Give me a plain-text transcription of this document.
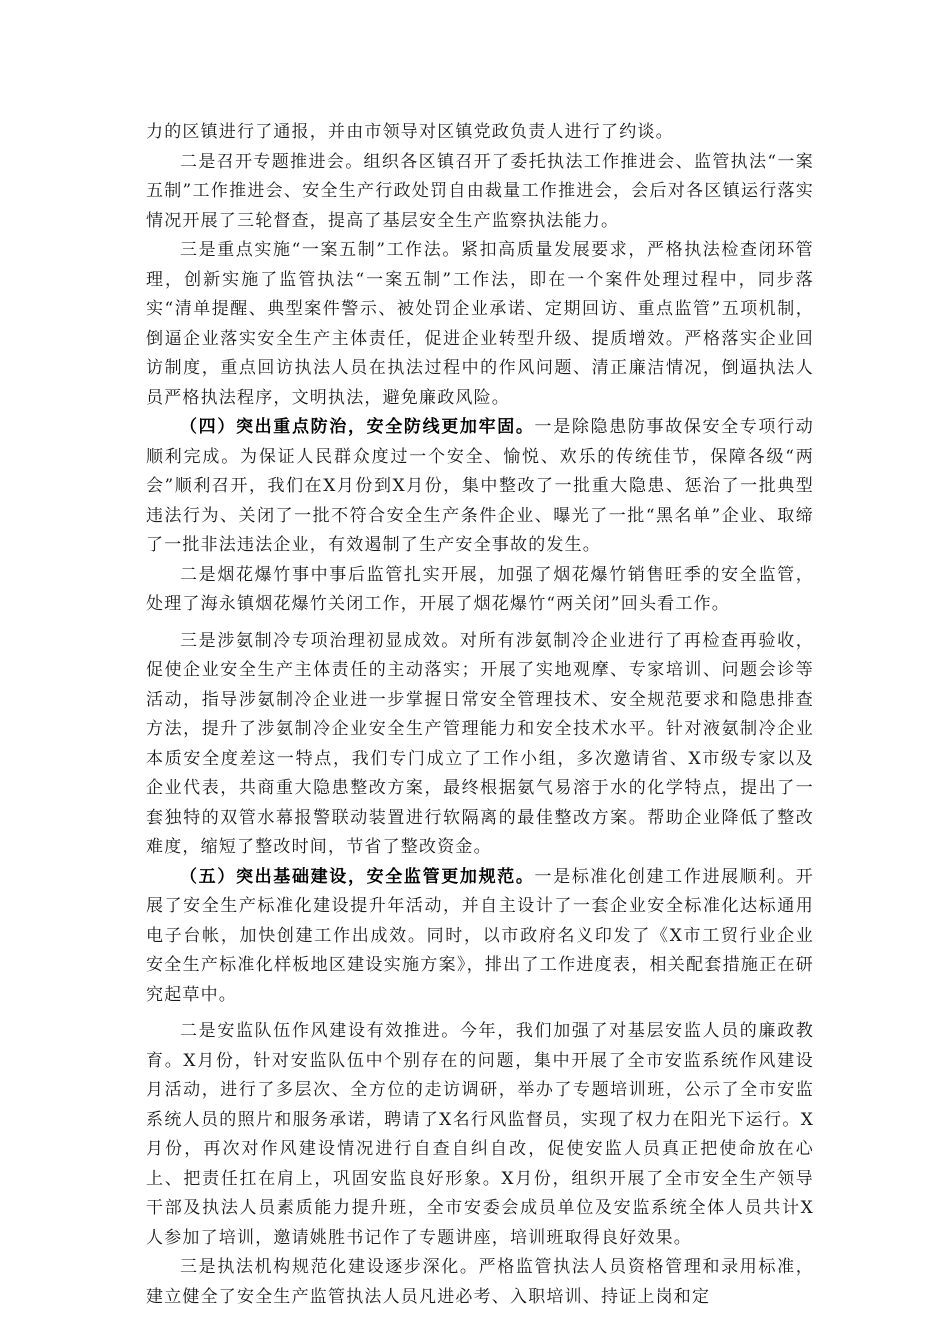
力的区镇进行了通报，并由市领导对区镇党政负责人进行了约谈。

二是召开专题推进会。组织各区镇召开了委托执法工作推进会、监管执法“一案五制”工作推进会、安全生产行政处罚自由裁量工作推进会，会后对各区镇运行落实情况开展了三轮督查，提高了基层安全生产监察执法能力。

三是重点实施“一案五制”工作法。紧扣高质量发展要求，严格执法检查闭环管理，创新实施了监管执法“一案五制”工作法，即在一个案件处理过程中，同步落实“清单提醒、典型案件警示、被处罚企业承诺、定期回访、重点监管”五项机制，倒逼企业落实安全生产主体责任，促进企业转型升级、提质增效。严格落实企业回访制度，重点回访执法人员在执法过程中的作风问题、清正廉洁情况，倒逼执法人员严格执法程序，文明执法，避免廉政风险。

（四）突出重点防治，安全防线更加牢固。一是除隐患防事故保安全专项行动顺利完成。为保证人民群众度过一个安全、愉悦、欢乐的传统佳节，保障各级“两会”顺利召开，我们在X月份到X月份，集中整改了一批重大隐患、惩治了一批典型违法行为、关闭了一批不符合安全生产条件企业、曝光了一批“黑名单”企业、取缔了一批非法违法企业，有效遏制了生产安全事故的发生。

二是烟花爆竹事中事后监管扎实开展，加强了烟花爆竹销售旺季的安全监管，处理了海永镇烟花爆竹关闭工作，开展了烟花爆竹“两关闭”回头看工作。

三是涉氨制冷专项治理初显成效。对所有涉氨制冷企业进行了再检查再验收，促使企业安全生产主体责任的主动落实；开展了实地观摩、专家培训、问题会诊等活动，指导涉氨制冷企业进一步掌握日常安全管理技术、安全规范要求和隐患排查方法，提升了涉氨制冷企业安全生产管理能力和安全技术水平。针对液氨制冷企业本质安全度差这一特点，我们专门成立了工作小组，多次邀请省、X市级专家以及企业代表，共商重大隐患整改方案，最终根据氨气易溶于水的化学特点，提出了一套独特的双管水幕报警联动装置进行软隔离的最佳整改方案。帮助企业降低了整改难度，缩短了整改时间，节省了整改资金。

（五）突出基础建设，安全监管更加规范。一是标准化创建工作进展顺利。开展了安全生产标准化建设提升年活动，并自主设计了一套企业安全标准化达标通用电子台帐，加快创建工作出成效。同时，以市政府名义印发了《X市工贸行业企业安全生产标准化样板地区建设实施方案》，排出了工作进度表，相关配套措施正在研究起草中。

二是安监队伍作风建设有效推进。今年，我们加强了对基层安监人员的廉政教育。X月份，针对安监队伍中个别存在的问题，集中开展了全市安监系统作风建设月活动，进行了多层次、全方位的走访调研，举办了专题培训班，公示了全市安监系统人员的照片和服务承诺，聘请了X名行风监督员，实现了权力在阳光下运行。X月份，再次对作风建设情况进行自查自纠自改，促使安监人员真正把使命放在心上、把责任扛在肩上，巩固安监良好形象。X月份，组织开展了全市安全生产领导干部及执法人员素质能力提升班，全市安委会成员单位及安监系统全体人员共计X人参加了培训，邀请姚胜书记作了专题讲座，培训班取得良好效果。

三是执法机构规范化建设逐步深化。严格监管执法人员资格管理和录用标准，建立健全了安全生产监管执法人员凡进必考、入职培训、持证上岗和定
